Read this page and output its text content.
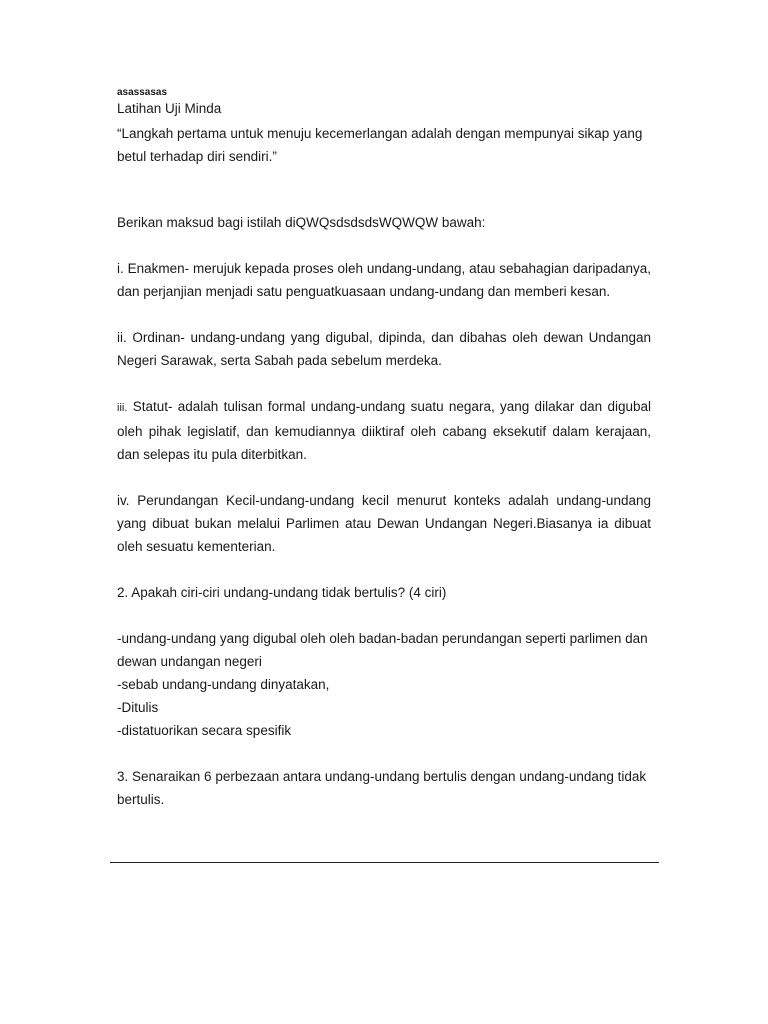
asassasas
Latihan Uji Minda

“Langkah pertama untuk menuju kecemerlangan adalah dengan mempunyai sikap yang betul terhadap diri sendiri.”

Berikan maksud bagi istilah diQWQsdsdsdsWQWQW bawah:

i. Enakmen- merujuk kepada proses oleh undang-undang, atau sebahagian daripadanya, dan perjanjian menjadi satu penguatkuasaan undang-undang dan memberi kesan.

ii. Ordinan- undang-undang yang digubal, dipinda, dan dibahas oleh dewan Undangan Negeri Sarawak, serta Sabah pada sebelum merdeka.

iii. Statut- adalah tulisan formal undang-undang suatu negara, yang dilakar dan digubal oleh pihak legislatif, dan kemudiannya diiktiraf oleh cabang eksekutif dalam kerajaan, dan selepas itu pula diterbitkan.

iv. Perundangan Kecil-undang-undang kecil menurut konteks adalah undang-undang yang dibuat bukan melalui Parlimen atau Dewan Undangan Negeri.Biasanya ia dibuat oleh sesuatu kementerian.

2. Apakah ciri-ciri undang-undang tidak bertulis? (4 ciri)

-undang-undang yang digubal oleh oleh badan-badan perundangan seperti parlimen dan dewan undangan negeri

-sebab undang-undang dinyatakan,

-Ditulis

-distatuorikan secara spesifik

3. Senaraikan 6 perbezaan antara undang-undang bertulis dengan undang-undang tidak bertulis.
